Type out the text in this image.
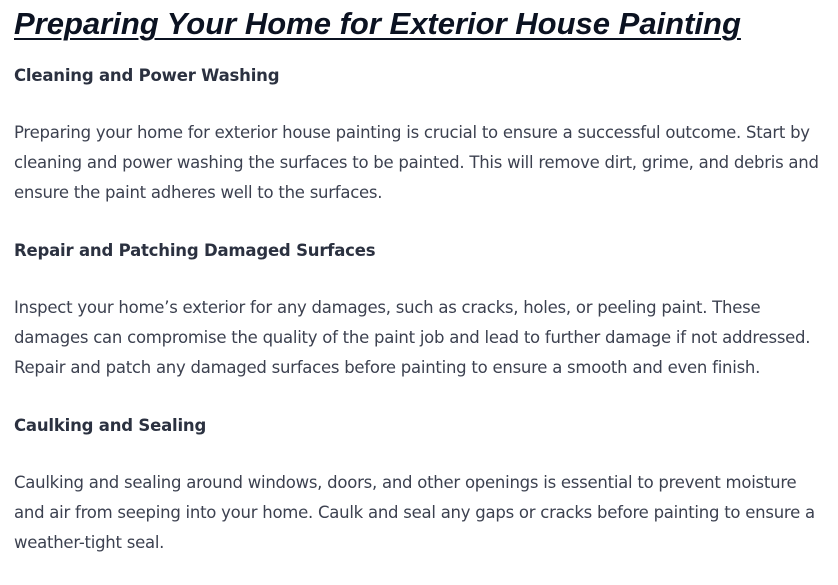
Preparing Your Home for Exterior House Painting
Cleaning and Power Washing

Preparing your home for exterior house painting is crucial to ensure a successful outcome. Start by cleaning and power washing the surfaces to be painted. This will remove dirt, grime, and debris and ensure the paint adheres well to the surfaces.

Repair and Patching Damaged Surfaces

Inspect your home’s exterior for any damages, such as cracks, holes, or peeling paint. These damages can compromise the quality of the paint job and lead to further damage if not addressed. Repair and patch any damaged surfaces before painting to ensure a smooth and even finish.

Caulking and Sealing

Caulking and sealing around windows, doors, and other openings is essential to prevent moisture and air from seeping into your home. Caulk and seal any gaps or cracks before painting to ensure a weather-tight seal.
